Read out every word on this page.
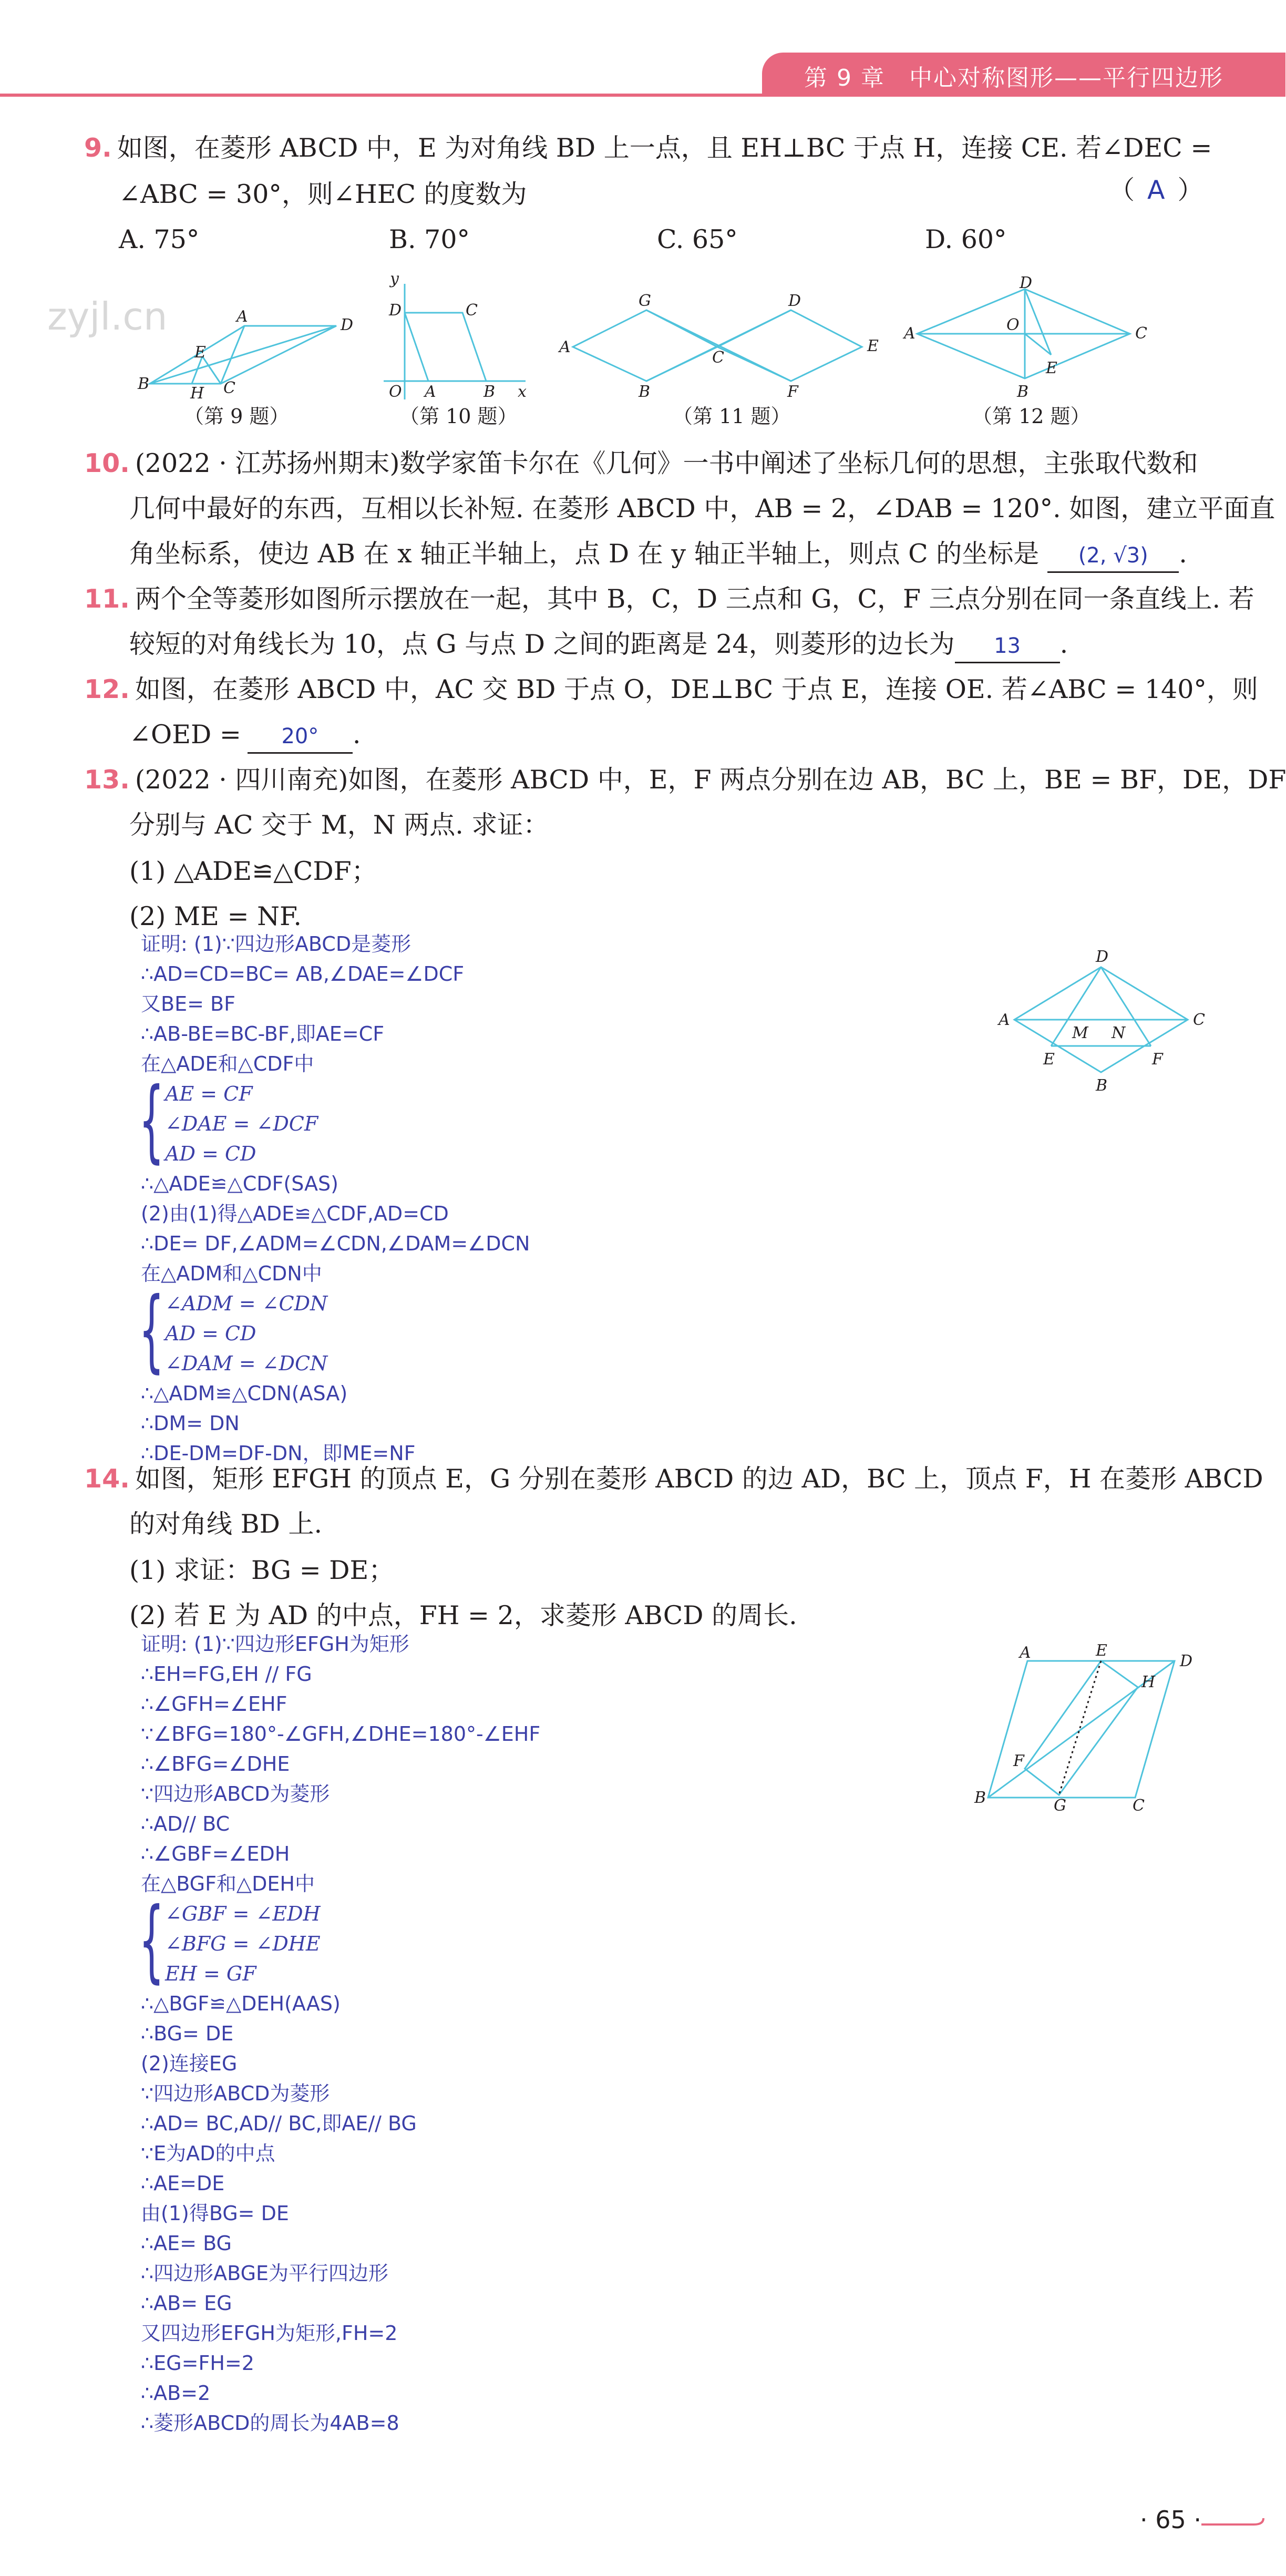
第 9 章　中心对称图形——平行四边形
zyjl.cn
9. 如图，在菱形 ABCD 中，E 为对角线 BD 上一点，且 EH⊥BC 于点 H，连接 CE. 若∠DEC =
∠ABC = 30°，则∠HEC 的度数为	（ A ）
A. 75°	B. 70°	C. 65°	D. 60°
A	D
E
B
H C
（第 9 题）
y
D	C
O A	B x
（第 10 题）
A
G
C
D
E
B	F
（第 11 题）
D
A	O	C
B
E
（第 12 题）
10. (2022 · 江苏扬州期末)数学家笛卡尔在《几何》一书中阐述了坐标几何的思想，主张取代数和
几何中最好的东西，互相以长补短. 在菱形 ABCD 中，AB = 2，∠DAB = 120°. 如图，建立平面直
角坐标系，使边 AB 在 x 轴正半轴上，点 D 在 y 轴正半轴上，则点 C 的坐标是 (2, √3) .
11. 两个全等菱形如图所示摆放在一起，其中 B，C，D 三点和 G，C，F 三点分别在同一条直线上. 若
较短的对角线长为 10，点 G 与点 D 之间的距离是 24，则菱形的边长为 13 .
12. 如图，在菱形 ABCD 中，AC 交 BD 于点 O，DE⊥BC 于点 E，连接 OE. 若∠ABC = 140°，则
∠OED = 20° .
13. (2022 · 四川南充)如图，在菱形 ABCD 中，E，F 两点分别在边 AB，BC 上，BE = BF，DE，DF
分别与 AC 交于 M，N 两点. 求证：
(1) △ADE≌△CDF；
(2) ME = NF.
证明: (1)∵四边形ABCD是菱形
∴AD=CD=BC= AB,∠DAE=∠DCF
又BE= BF
∴AB-BE=BC-BF,即AE=CF
在△ADE和△CDF中
{ AE = CF
∠DAE = ∠DCF
AD = CD
∴△ADE≌△CDF(SAS)
(2)由(1)得△ADE≌△CDF,AD=CD
∴DE= DF,∠ADM=∠CDN,∠DAM=∠DCN
在△ADM和△CDN中
{ ∠ADM = ∠CDN
AD = CD
∠DAM = ∠DCN
∴△ADM≌△CDN(ASA)
∴DM= DN
∴DE-DM=DF-DN，即ME=NF
D
A
M N
C
E	F
B
14. 如图，矩形 EFGH 的顶点 E，G 分别在菱形 ABCD 的边 AD，BC 上，顶点 F，H 在菱形 ABCD
的对角线 BD 上.
(1) 求证：BG = DE；
(2) 若 E 为 AD 的中点，FH = 2，求菱形 ABCD 的周长.
证明: (1)∵四边形EFGH为矩形
∴EH=FG,EH // FG
∴∠GFH=∠EHF
∵∠BFG=180°-∠GFH,∠DHE=180°-∠EHF
∴∠BFG=∠DHE
∵四边形ABCD为菱形
∴AD// BC
∴∠GBF=∠EDH
在△BGF和△DEH中
{ ∠GBF = ∠EDH
∠BFG = ∠DHE
EH = GF
∴△BGF≌△DEH(AAS)
∴BG= DE
(2)连接EG
∵四边形ABCD为菱形
∴AD= BC,AD// BC,即AE// BG
∵E为AD的中点
∴AE=DE
由(1)得BG= DE
∴AE= BG
∴四边形ABGE为平行四边形
∴AB= EG
又四边形EFGH为矩形,FH=2
∴EG=FH=2
∴AB=2
∴菱形ABCD的周长为4AB=8
A	E
D
H
F
B	G	C
· 65 ·
